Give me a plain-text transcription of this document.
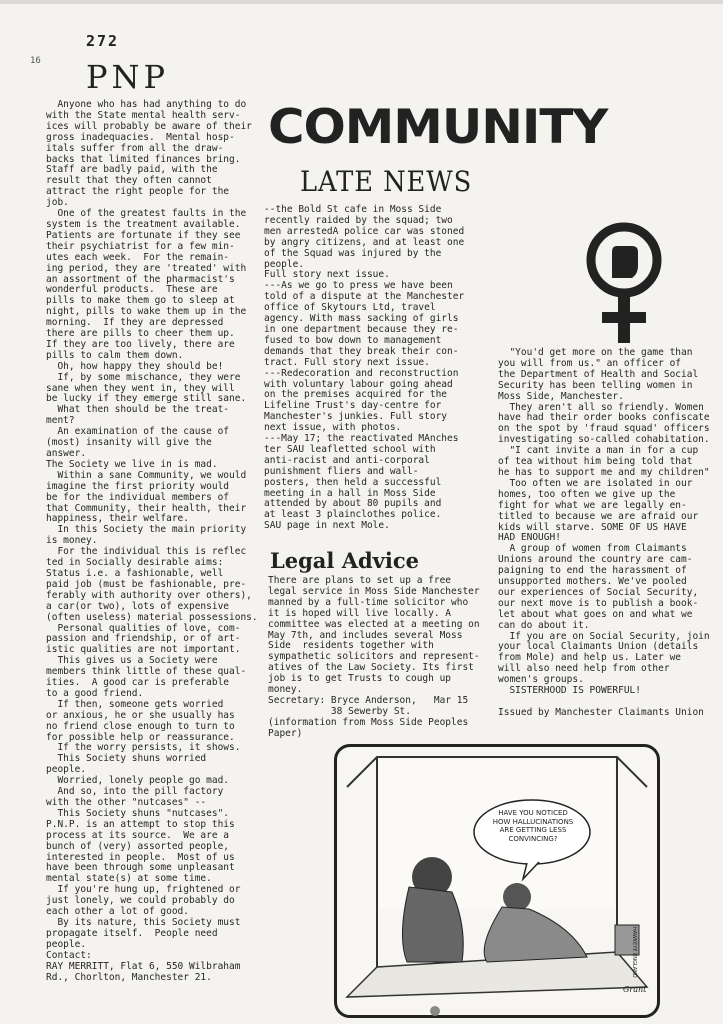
272
16 PNP
Anyone who has had anything to do
with the State mental health serv-
ices will probably be aware of their
gross inadequacies.  Mental hosp-
itals suffer from all the draw-
backs that limited finances bring.
Staff are badly paid, with the
result that they often cannot
attract the right people for the
job.
One of the greatest faults in the
system is the treatment available.
Patients are fortunate if they see
their psychiatrist for a few min-
utes each week.  For the remain-
ing period, they are 'treated' with
an assortment of the pharmacist's
wonderful products.  These are
pills to make them go to sleep at
night, pills to wake them up in the
morning.  If they are depressed
there are pills to cheer them up.
If they are too lively, there are
pills to calm them down.
Oh, how happy they should be!
If, by some mischance, they were
sane when they went in, they will
be lucky if they emerge still sane.
What then should be the treat-
ment?
An examination of the cause of
(most) insanity will give the
answer.
The Society we live in is mad.
Within a sane Community, we would
imagine the first priority would
be for the individual members of
that Community, their health, their
happiness, their welfare.
In this Society the main priority
is money.
For the individual this is reflec
ted in Socially desirable aims:
Status i.e. a fashionable, well
paid job (must be fashionable, pre-
ferably with authority over others),
a car(or two), lots of expensive
(often useless) material possessions.
Personal qualities of love, com-
passion and friendship, or of art-
istic qualities are not important.
This gives us a Society were
members think little of these qual-
ities.  A good car is preferable
to a good friend.
If then, someone gets worried
or anxious, he or she usually has
no friend close enough to turn to
for possible help or reassurance.
If the worry persists, it shows.
This Society shuns worried
people.
Worried, lonely people go mad.
And so, into the pill factory
with the other "nutcases" --
This Society shuns "nutcases".
P.N.P. is an attempt to stop this
process at its source.  We are a
bunch of (very) assorted people,
interested in people.  Most of us
have been through some unpleasant
mental state(s) at some time.
If you're hung up, frightened or
just lonely, we could probably do
each other a lot of good.
By its nature, this Society must
propagate itself.  People need
people.
Contact:
RAY MERRITT, Flat 6, 550 Wilbraham
Rd., Chorlton, Manchester 21.
COMMUNITY
LATE NEWS
--the Bold St cafe in Moss Side
recently raided by the squad; two
men arrestedA police car was stoned
by angry citizens, and at least one
of the Squad was injured by the
people.
Full story next issue.
---As we go to press we have been
told of a dispute at the Manchester
office of Skytours Ltd, travel
agency. With mass sacking of girls
in one department because they re-
fused to bow down to management
demands that they break their con-
tract. Full story next issue.
---Redecoration and reconstruction
with voluntary labour going ahead
on the premises acquired for the
Lifeline Trust's day-centre for
Manchester's junkies. Full story
next issue, with photos.
---May 17; the reactivated MAnches
ter SAU leafletted school with
anti-racist and anti-corporal
punishment fliers and wall-
posters, then held a successful
meeting in a hall in Moss Side
attended by about 80 pupils and
at least 3 plainclothes police.
SAU page in next Mole.
Legal Advice
There are plans to set up a free
legal service in Moss Side Manchester
manned by a full-time solicitor who
it is hoped will live locally. A
committee was elected at a meeting on
May 7th, and includes several Moss
Side  residents together with
sympathetic solicitors and represent-
atives of the Law Society. Its first
job is to get Trusts to cough up
money.
Secretary: Bryce Anderson,   Mar 15
38 Sewerby St.
(information from Moss Side Peoples
Paper)
"You'd get more on the game than
you will from us." an officer of
the Department of Health and Social
Security has been telling women in
Moss Side, Manchester.
They aren't all so friendly. Women
have had their order books confiscate
on the spot by 'fraud squad' officers
investigating so-called cohabitation.
"I cant invite a man in for a cup
of tea without him being told that
he has to support me and my children"
Too often we are isolated in our
homes, too often we give up the
fight for what we are legally en-
titled to because we are afraid our
kids will starve. SOME OF US HAVE
HAD ENOUGH!
A group of women from Claimants
Unions around the country are cam-
paigning to end the harassment of
unsupported mothers. We've pooled
our experiences of Social Security,
our next move is to publish a book-
let about what goes on and what we
can do about it.
If you are on Social Security, join
your local Claimants Union (details
from Mole) and help us. Later we
will also need help from other
women's groups.
SISTERHOOD IS POWERFUL!

Issued by Manchester Claimants Union
HAVE YOU NOTICED
HOW HALLUCINATIONS
ARE GETTING LESS
CONVINCING?
Grant
HAWKEYE ENGLAND
